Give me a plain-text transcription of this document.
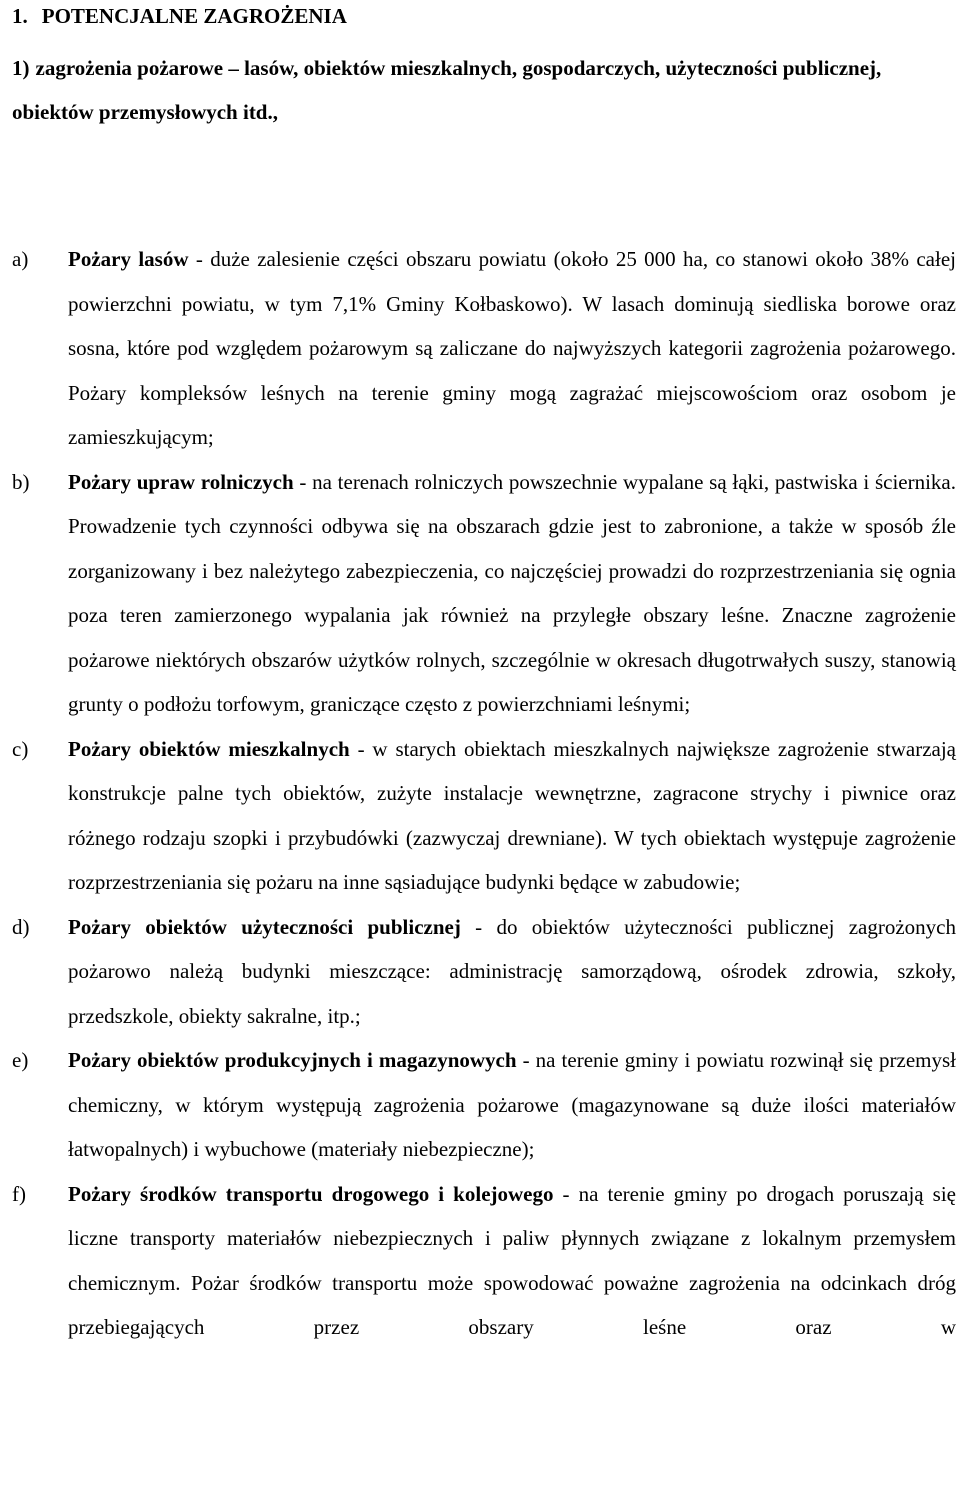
1. POTENCJALNE ZAGROŻENIA
1) zagrożenia pożarowe – lasów, obiektów mieszkalnych, gospodarczych, użyteczności publicznej, obiektów przemysłowych itd.,
a) Pożary lasów - duże zalesienie części obszaru powiatu (około 25 000 ha, co stanowi około 38% całej powierzchni powiatu, w tym 7,1% Gminy Kołbaskowo). W lasach dominują siedliska borowe oraz sosna, które pod względem pożarowym są zaliczane do najwyższych kategorii zagrożenia pożarowego. Pożary kompleksów leśnych na terenie gminy mogą zagrażać miejscowościom oraz osobom je zamieszkującym;
b) Pożary upraw rolniczych - na terenach rolniczych powszechnie wypalane są łąki, pastwiska i ściernika. Prowadzenie tych czynności odbywa się na obszarach gdzie jest to zabronione, a także w sposób źle zorganizowany i bez należytego zabezpieczenia, co najczęściej prowadzi do rozprzestrzeniania się ognia poza teren zamierzonego wypalania jak również na przyległe obszary leśne. Znaczne zagrożenie pożarowe niektórych obszarów użytków rolnych, szczególnie w okresach długotrwałych suszy, stanowią grunty o podłożu torfowym, graniczące często z powierzchniami leśnymi;
c) Pożary obiektów mieszkalnych - w starych obiektach mieszkalnych największe zagrożenie stwarzają konstrukcje palne tych obiektów, zużyte instalacje wewnętrzne, zagracone strychy i piwnice oraz różnego rodzaju szopki i przybudówki (zazwyczaj drewniane). W tych obiektach występuje zagrożenie rozprzestrzeniania się pożaru na inne sąsiadujące budynki będące w zabudowie;
d) Pożary obiektów użyteczności publicznej - do obiektów użyteczności publicznej zagrożonych pożarowo należą budynki mieszczące: administrację samorządową, ośrodek zdrowia, szkoły, przedszkole, obiekty sakralne, itp.;
e) Pożary obiektów produkcyjnych i magazynowych - na terenie gminy i powiatu rozwinął się przemysł chemiczny, w którym występują zagrożenia pożarowe (magazynowane są duże ilości materiałów łatwopalnych) i wybuchowe (materiały niebezpieczne);
f) Pożary środków transportu drogowego i kolejowego - na terenie gminy po drogach poruszają się liczne transporty materiałów niebezpiecznych i paliw płynnych związane z lokalnym przemysłem chemicznym. Pożar środków transportu może spowodować poważne zagrożenia na odcinkach dróg przebiegających przez obszary leśne oraz w
